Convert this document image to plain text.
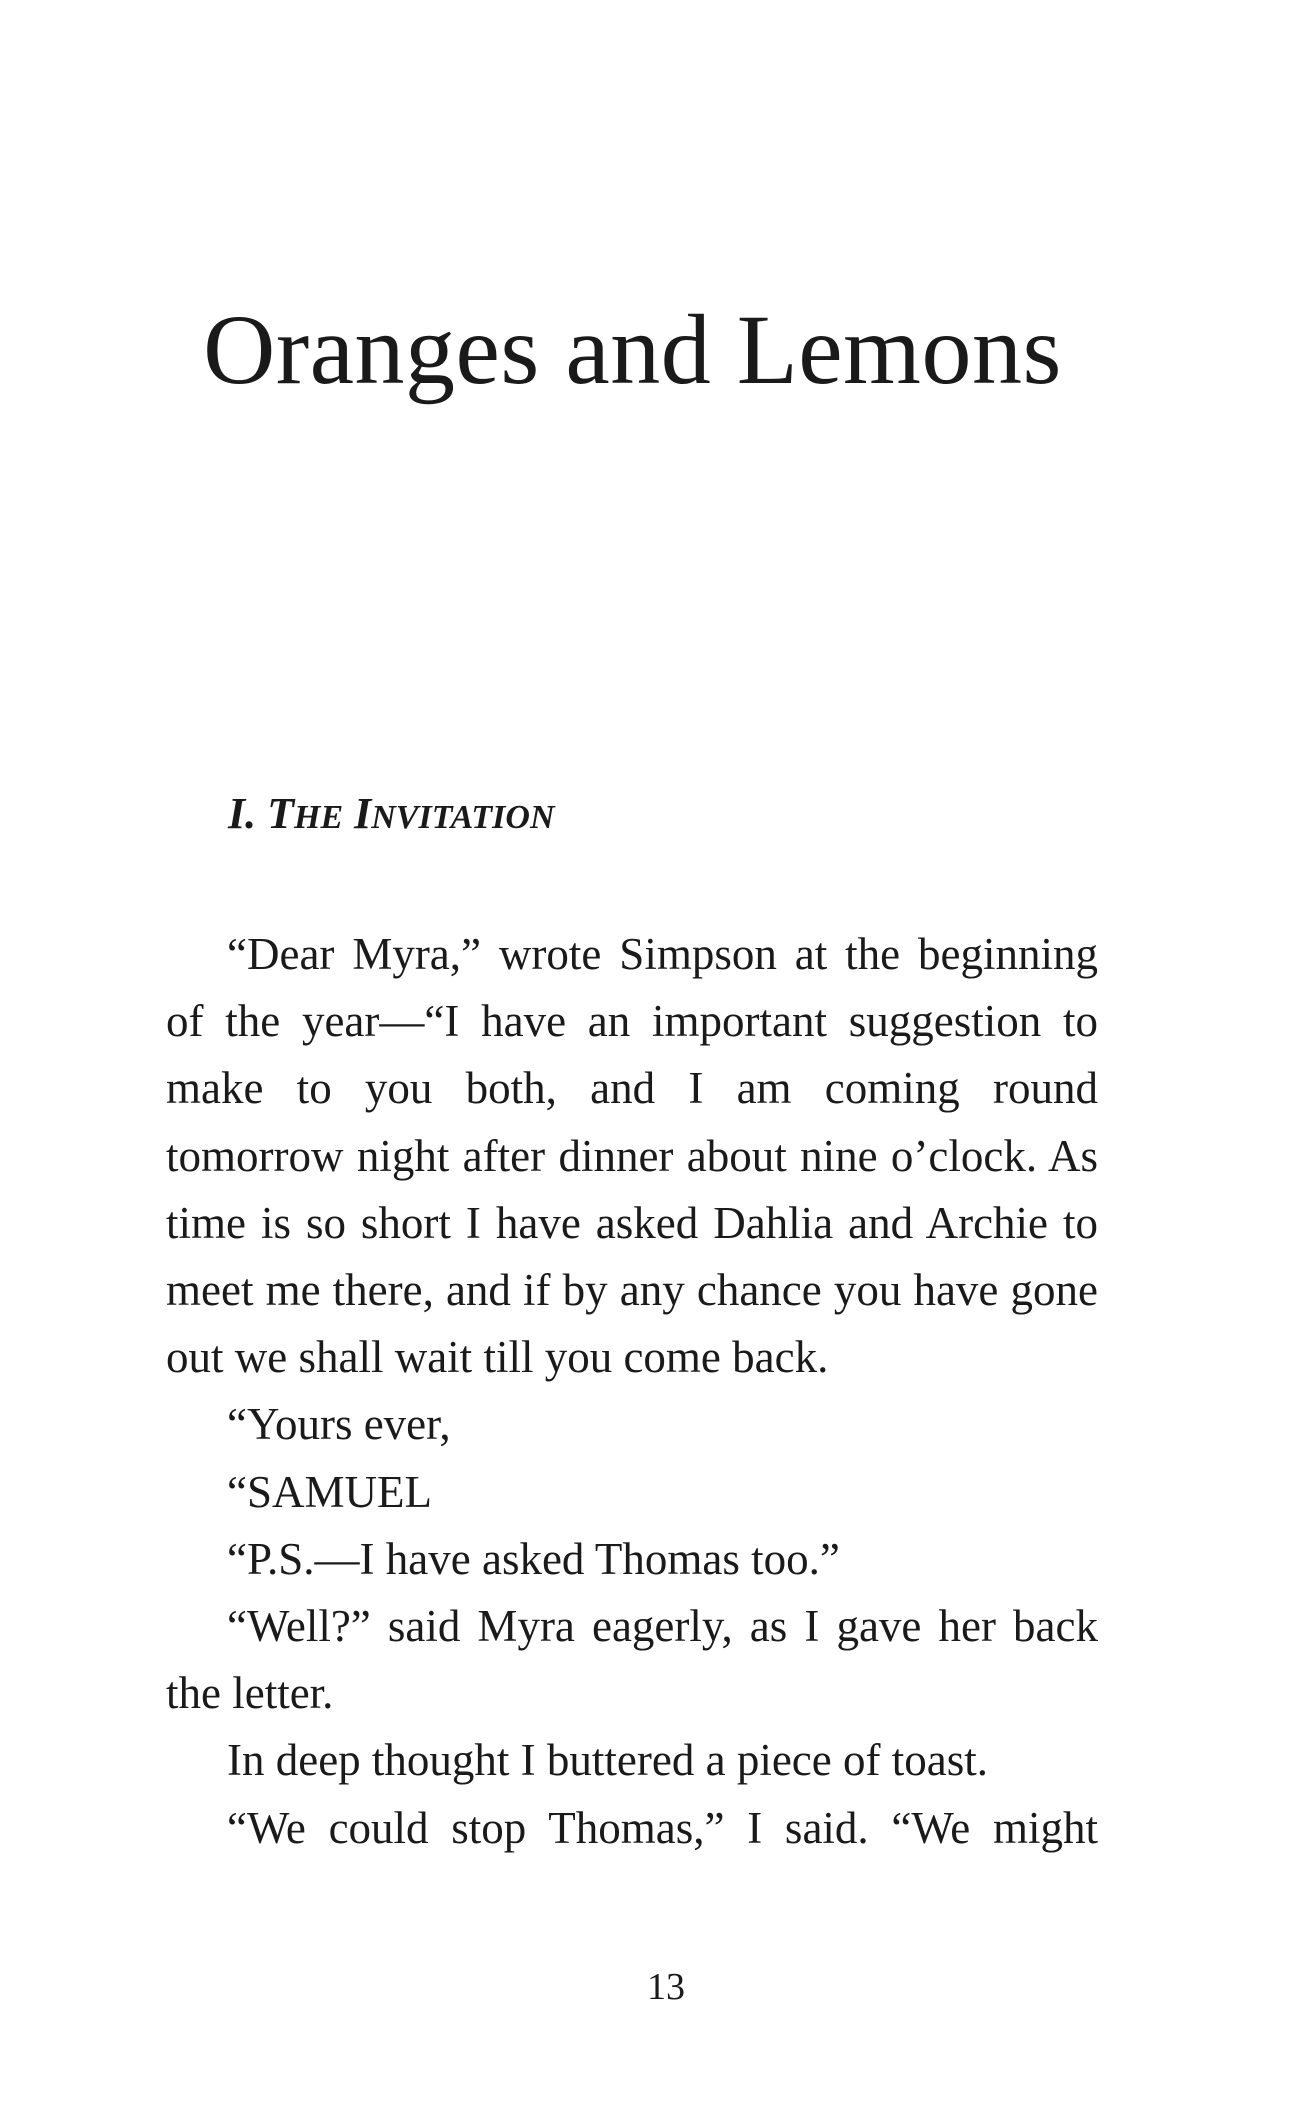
Oranges and Lemons
I. THE INVITATION

“Dear Myra,” wrote Simpson at the beginning of the year—“I have an important suggestion to make to you both, and I am coming round tomorrow night after dinner about nine o’clock. As time is so short I have asked Dahlia and Archie to meet me there, and if by any chance you have gone out we shall wait till you come back.

“Yours ever,

“SAMUEL

“P.S.—I have asked Thomas too.”

“Well?” said Myra eagerly, as I gave her back the letter.

In deep thought I buttered a piece of toast.

“We could stop Thomas,” I said. “We might

13
